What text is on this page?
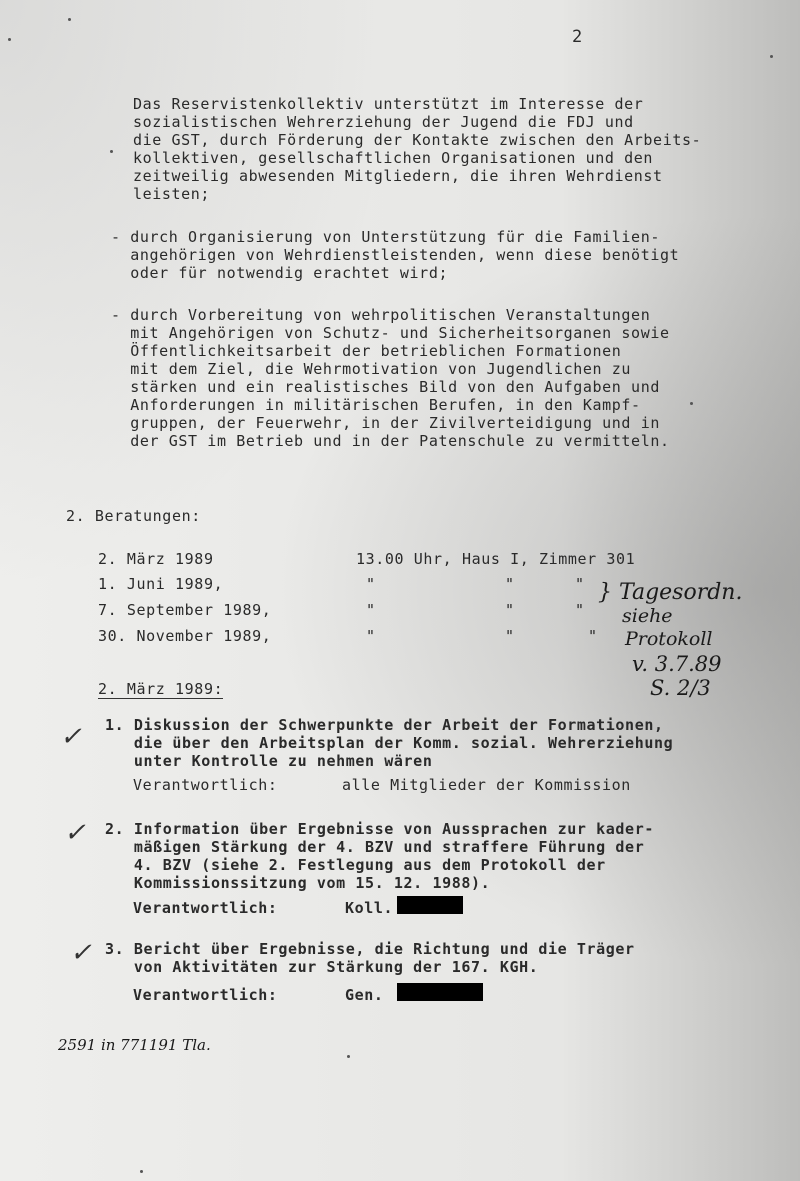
2
Das Reservistenkollektiv unterstützt im Interesse der
sozialistischen Wehrerziehung der Jugend die FDJ und
die GST, durch Förderung der Kontakte zwischen den Arbeits-
kollektiven, gesellschaftlichen Organisationen und den
zeitweilig abwesenden Mitgliedern, die ihren Wehrdienst
leisten;
- durch Organisierung von Unterstützung für die Familien-
angehörigen von Wehrdienstleistenden, wenn diese benötigt
oder für notwendig erachtet wird;
- durch Vorbereitung von wehrpolitischen Veranstaltungen
mit Angehörigen von Schutz- und Sicherheitsorganen sowie
Öffentlichkeitsarbeit der betrieblichen Formationen
mit dem Ziel, die Wehrmotivation von Jugendlichen zu
stärken und ein realistisches Bild von den Aufgaben und
Anforderungen in militärischen Berufen, in den Kampf-
gruppen, der Feuerwehr, in der Zivilverteidigung und in
der GST im Betrieb und in der Patenschule zu vermitteln.
2. Beratungen:
2. März 1989	13.00 Uhr, Haus I, Zimmer 301
1. Juni 1989,	"	"	"
7. September 1989,	"	"	"
30. November 1989,	"	"	"
} Tagesordn.
siehe
Protokoll
v. 3.7.89
S. 2/3
2. März 1989:
✓ 1. Diskussion der Schwerpunkte der Arbeit der Formationen,
die über den Arbeitsplan der Komm. sozial. Wehrerziehung
unter Kontrolle zu nehmen wären
Verantwortlich:	alle Mitglieder der Kommission
✓ 2. Information über Ergebnisse von Aussprachen zur kader-
mäßigen Stärkung der 4. BZV und straffere Führung der
4. BZV (siehe 2. Festlegung aus dem Protokoll der
Kommissionssitzung vom 15. 12. 1988).
Verantwortlich:	Koll.
✓ 3. Bericht über Ergebnisse, die Richtung und die Träger
von Aktivitäten zur Stärkung der 167. KGH.
Verantwortlich:	Gen.
2591 in 771191 Tla.
